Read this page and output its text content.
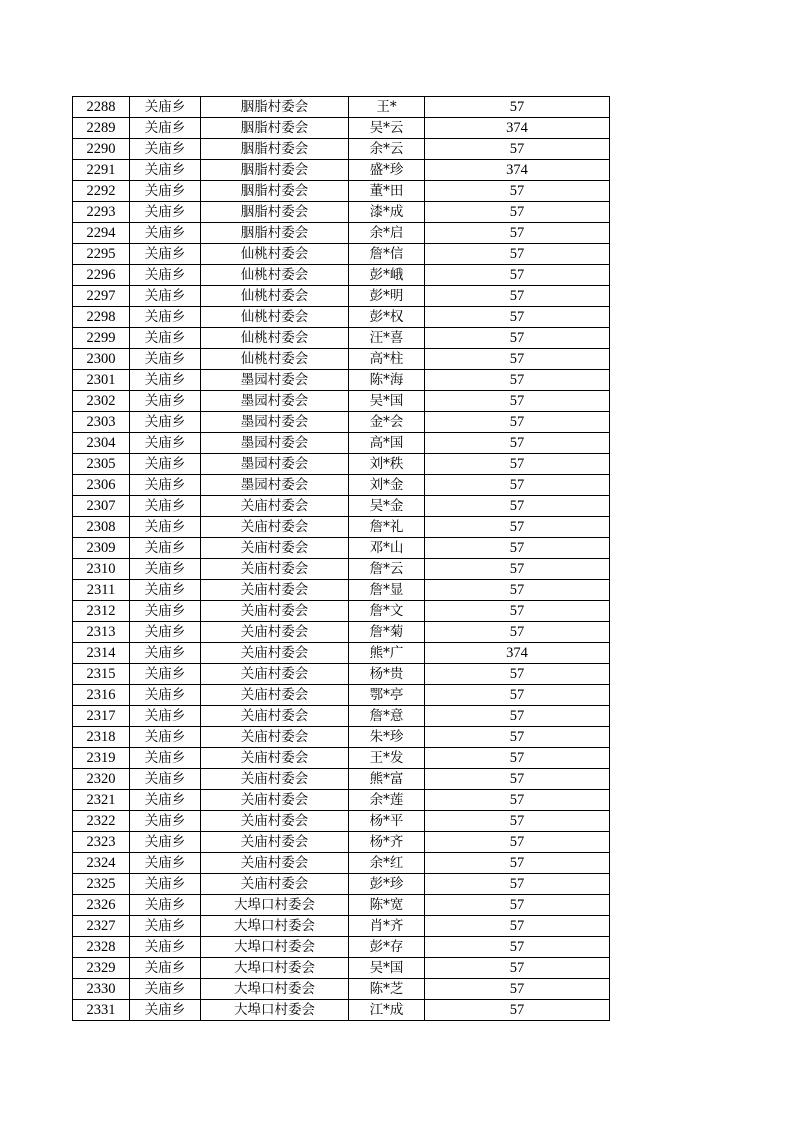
2288	关庙乡	胭脂村委会	王*	57
2289	关庙乡	胭脂村委会	吴*云	374
2290	关庙乡	胭脂村委会	余*云	57
2291	关庙乡	胭脂村委会	盛*珍	374
2292	关庙乡	胭脂村委会	董*田	57
2293	关庙乡	胭脂村委会	漆*成	57
2294	关庙乡	胭脂村委会	余*启	57
2295	关庙乡	仙桃村委会	詹*信	57
2296	关庙乡	仙桃村委会	彭*峨	57
2297	关庙乡	仙桃村委会	彭*明	57
2298	关庙乡	仙桃村委会	彭*权	57
2299	关庙乡	仙桃村委会	汪*喜	57
2300	关庙乡	仙桃村委会	高*柱	57
2301	关庙乡	墨园村委会	陈*海	57
2302	关庙乡	墨园村委会	吴*国	57
2303	关庙乡	墨园村委会	金*会	57
2304	关庙乡	墨园村委会	高*国	57
2305	关庙乡	墨园村委会	刘*秩	57
2306	关庙乡	墨园村委会	刘*金	57
2307	关庙乡	关庙村委会	吴*金	57
2308	关庙乡	关庙村委会	詹*礼	57
2309	关庙乡	关庙村委会	邓*山	57
2310	关庙乡	关庙村委会	詹*云	57
2311	关庙乡	关庙村委会	詹*显	57
2312	关庙乡	关庙村委会	詹*文	57
2313	关庙乡	关庙村委会	詹*菊	57
2314	关庙乡	关庙村委会	熊*广	374
2315	关庙乡	关庙村委会	杨*贵	57
2316	关庙乡	关庙村委会	鄂*亭	57
2317	关庙乡	关庙村委会	詹*意	57
2318	关庙乡	关庙村委会	朱*珍	57
2319	关庙乡	关庙村委会	王*发	57
2320	关庙乡	关庙村委会	熊*富	57
2321	关庙乡	关庙村委会	余*莲	57
2322	关庙乡	关庙村委会	杨*平	57
2323	关庙乡	关庙村委会	杨*齐	57
2324	关庙乡	关庙村委会	余*红	57
2325	关庙乡	关庙村委会	彭*珍	57
2326	关庙乡	大埠口村委会	陈*宽	57
2327	关庙乡	大埠口村委会	肖*齐	57
2328	关庙乡	大埠口村委会	彭*存	57
2329	关庙乡	大埠口村委会	吴*国	57
2330	关庙乡	大埠口村委会	陈*芝	57
2331	关庙乡	大埠口村委会	江*成	57
